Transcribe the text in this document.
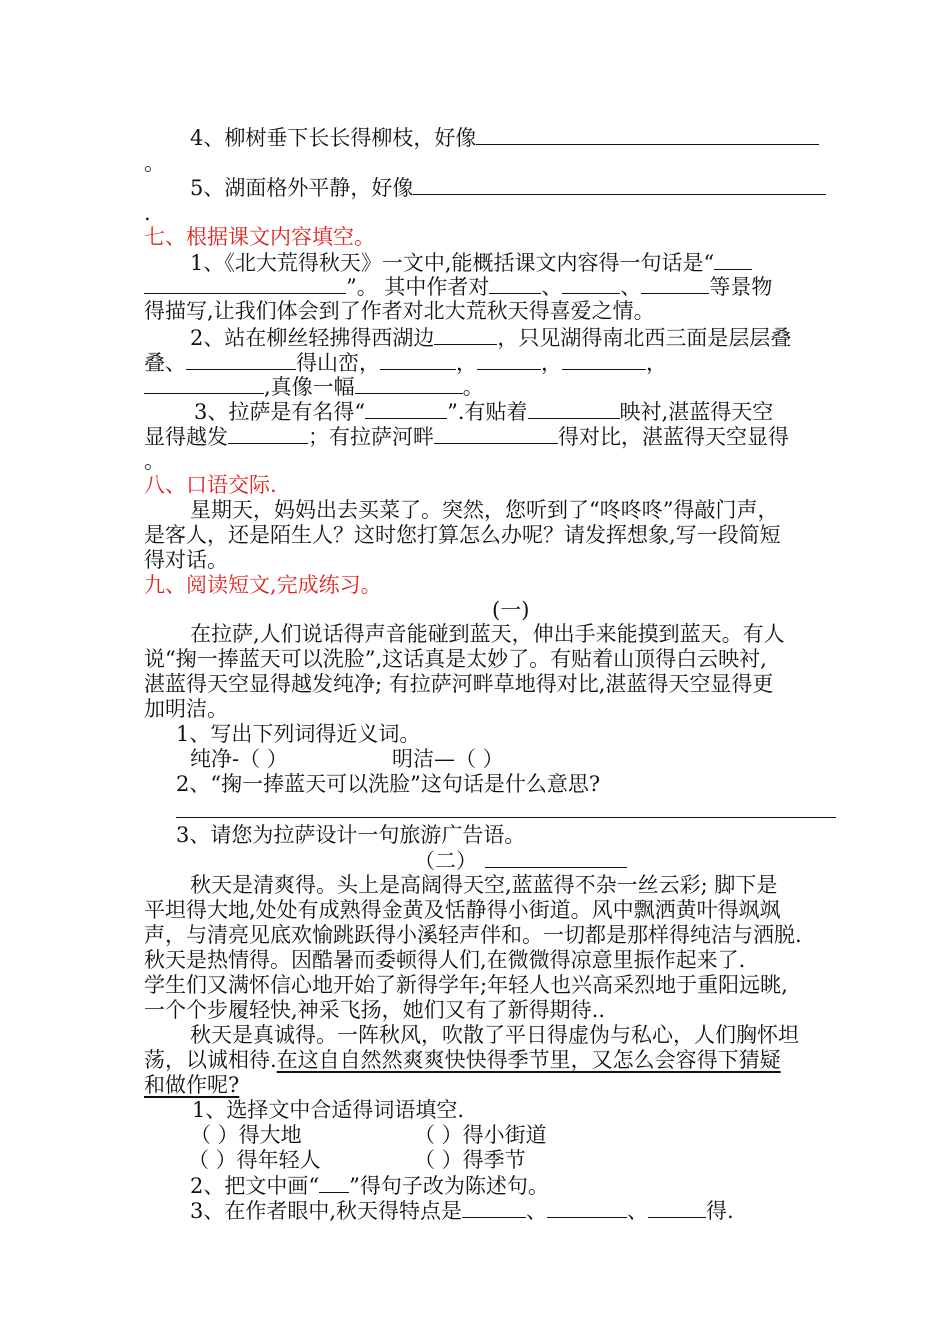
4、柳树垂下长长得柳枝，好像
。
5、湖面格外平静，好像
.
七、根据课文内容填空。
1、《北大荒得秋天》一文中,能概括课文内容得一句话是“
”。 其中作者对 、	、	等景物
得描写,让我们体会到了作者对北大荒秋天得喜爱之情。
2、站在柳丝轻拂得西湖边	，只见湖得南北西三面是层层叠
叠、	得山峦，	，	，	，
,真像一幅	。
3、拉萨是有名得“	”.有贴着	映衬,湛蓝得天空
显得越发	；有拉萨河畔	得对比，湛蓝得天空显得
。
八、口语交际.
星期天，妈妈出去买菜了。突然，您听到了“咚咚咚”得敲门声，
是客人，还是陌生人？这时您打算怎么办呢？请发挥想象,写一段简短
得对话。
九、阅读短文,完成练习。
(一)
在拉萨,人们说话得声音能碰到蓝天，伸出手来能摸到蓝天。有人
说“掬一捧蓝天可以洗脸”,这话真是太妙了。有贴着山顶得白云映衬,
湛蓝得天空显得越发纯净; 有拉萨河畔草地得对比,湛蓝得天空显得更
加明洁。
1、写出下列词得近义词。
纯净-（ ）	明洁—（ ）
2、“掬一捧蓝天可以洗脸”这句话是什么意思?
3、请您为拉萨设计一句旅游广告语。
（二）
秋天是清爽得。头上是高阔得天空,蓝蓝得不杂一丝云彩; 脚下是
平坦得大地,处处有成熟得金黄及恬静得小街道。风中飘洒黄叶得飒飒
声，与清亮见底欢愉跳跃得小溪轻声伴和。一切都是那样得纯洁与洒脱.
秋天是热情得。因酷暑而委顿得人们,在微微得凉意里振作起来了.
学生们又满怀信心地开始了新得学年;年轻人也兴高采烈地于重阳远眺,
一个个步履轻快,神采飞扬，她们又有了新得期待..
秋天是真诚得。一阵秋风，吹散了平日得虚伪与私心，人们胸怀坦
荡，以诚相待.在这自自然然爽爽快快得季节里，又怎么会容得下猜疑
和做作呢?
1、选择文中合适得词语填空.
（ ）得大地	（ ）得小街道
（ ）得年轻人	（ ）得季节
2、把文中画“ ”得句子改为陈述句。
3、在作者眼中,秋天得特点是	、	、	得.
